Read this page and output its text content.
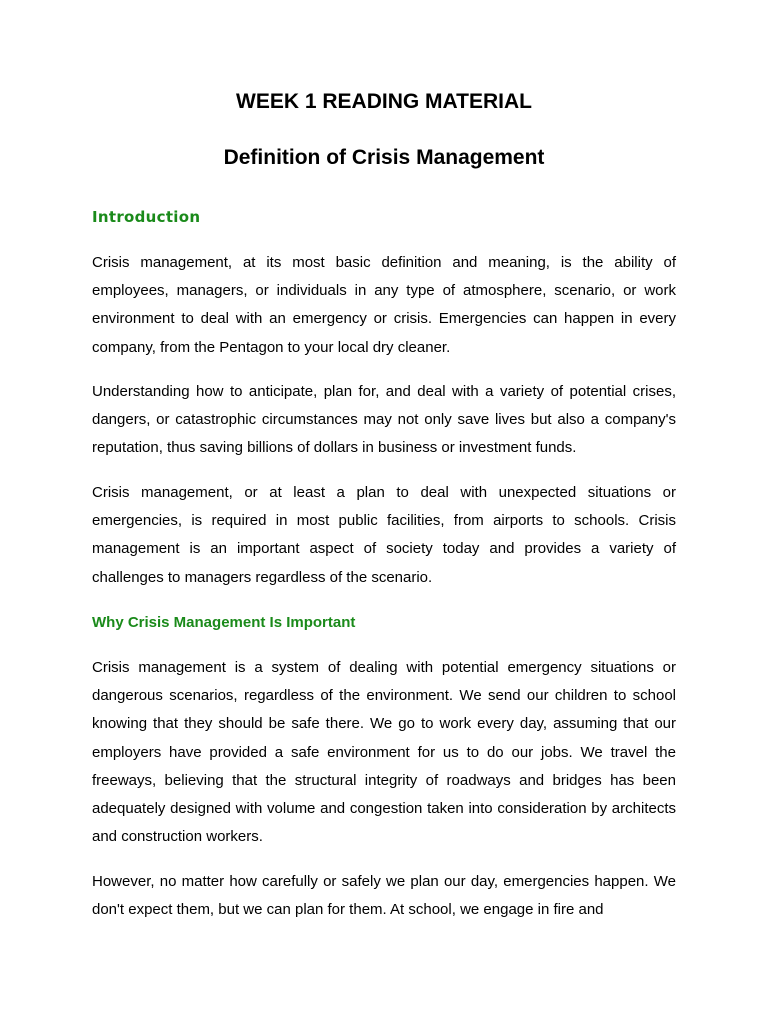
WEEK 1 READING MATERIAL
Definition of Crisis Management
Introduction

Crisis management, at its most basic definition and meaning, is the ability of employees, managers, or individuals in any type of atmosphere, scenario, or work environment to deal with an emergency or crisis. Emergencies can happen in every company, from the Pentagon to your local dry cleaner.

Understanding how to anticipate, plan for, and deal with a variety of potential crises, dangers, or catastrophic circumstances may not only save lives but also a company's reputation, thus saving billions of dollars in business or investment funds.

Crisis management, or at least a plan to deal with unexpected situations or emergencies, is required in most public facilities, from airports to schools. Crisis management is an important aspect of society today and provides a variety of challenges to managers regardless of the scenario.

Why Crisis Management Is Important

Crisis management is a system of dealing with potential emergency situations or dangerous scenarios, regardless of the environment. We send our children to school knowing that they should be safe there. We go to work every day, assuming that our employers have provided a safe environment for us to do our jobs. We travel the freeways, believing that the structural integrity of roadways and bridges has been adequately designed with volume and congestion taken into consideration by architects and construction workers.

However, no matter how carefully or safely we plan our day, emergencies happen. We don't expect them, but we can plan for them. At school, we engage in fire and
